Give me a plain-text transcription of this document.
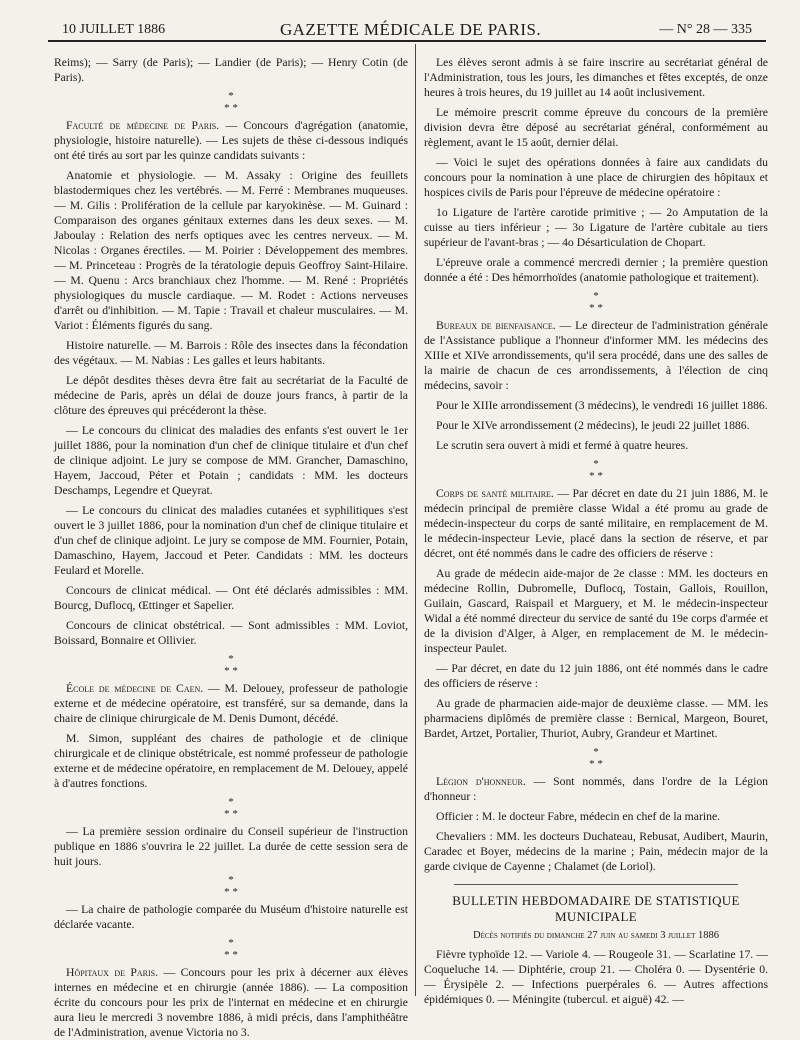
10 JUILLET 1886	GAZETTE MÉDICALE DE PARIS.	— N° 28 — 335

Reims); — Sarry (de Paris); — Landier (de Paris); — Henry Cotin (de Paris).

*
* *

Faculté de médecine de Paris. — Concours d'agrégation (anatomie, physiologie, histoire naturelle). — Les sujets de thèse ci-dessous indiqués ont été tirés au sort par les quinze candidats suivants :

Anatomie et physiologie. — M. Assaky : Origine des feuillets blastodermiques chez les vertébrés. — M. Ferré : Membranes muqueuses. — M. Gilis : Prolifération de la cellule par karyokinèse. — M. Guinard : Comparaison des organes génitaux externes dans les deux sexes. — M. Jaboulay : Relation des nerfs optiques avec les centres nerveux. — M. Nicolas : Organes érectiles. — M. Poirier : Développement des membres. — M. Princeteau : Progrès de la tératologie depuis Geoffroy Saint-Hilaire. — M. Quenu : Arcs branchiaux chez l'homme. — M. René : Propriétés physiologiques du muscle cardiaque. — M. Rodet : Actions nerveuses d'arrêt ou d'inhibition. — M. Tapie : Travail et chaleur musculaires. — M. Variot : Éléments figurés du sang.

Histoire naturelle. — M. Barrois : Rôle des insectes dans la fécondation des végétaux. — M. Nabias : Les galles et leurs habitants.

Le dépôt desdites thèses devra être fait au secrétariat de la Faculté de médecine de Paris, après un délai de douze jours francs, à partir de la clôture des épreuves qui précéderont la thèse.

— Le concours du clinicat des maladies des enfants s'est ouvert le 1er juillet 1886, pour la nomination d'un chef de clinique titulaire et d'un chef de clinique adjoint. Le jury se compose de MM. Grancher, Damaschino, Hayem, Jaccoud, Péter et Potain ; candidats : MM. les docteurs Deschamps, Legendre et Queyrat.

— Le concours du clinicat des maladies cutanées et syphilitiques s'est ouvert le 3 juillet 1886, pour la nomination d'un chef de clinique titulaire et d'un chef de clinique adjoint. Le jury se compose de MM. Fournier, Potain, Damaschino, Hayem, Jaccoud et Peter. Candidats : MM. les docteurs Feulard et Morelle.

Concours de clinicat médical. — Ont été déclarés admissibles : MM. Bourcg, Duflocq, Œttinger et Sapelier.

Concours de clinicat obstétrical. — Sont admissibles : MM. Loviot, Boissard, Bonnaire et Ollivier.

*
* *

École de médecine de Caen. — M. Delouey, professeur de pathologie externe et de médecine opératoire, est transféré, sur sa demande, dans la chaire de clinique chirurgicale de M. Denis Dumont, décédé.

M. Simon, suppléant des chaires de pathologie et de clinique chirurgicale et de clinique obstétricale, est nommé professeur de pathologie externe et de médecine opératoire, en remplacement de M. Delouey, appelé à d'autres fonctions.

*
* *

— La première session ordinaire du Conseil supérieur de l'instruction publique en 1886 s'ouvrira le 22 juillet. La durée de cette session sera de huit jours.

*
* *

— La chaire de pathologie comparée du Muséum d'histoire naturelle est déclarée vacante.

*
* *

Hôpitaux de Paris. — Concours pour les prix à décerner aux élèves internes en médecine et en chirurgie (année 1886). — La composition écrite du concours pour les prix de l'internat en médecine et en chirurgie aura lieu le mercredi 3 novembre 1886, à midi précis, dans l'amphithéâtre de l'Administration, avenue Victoria no 3.

Les élèves seront admis à se faire inscrire au secrétariat général de l'Administration, tous les jours, les dimanches et fêtes exceptés, de onze heures à trois heures, du 19 juillet au 14 août inclusivement.

Le mémoire prescrit comme épreuve du concours de la première division devra être déposé au secrétariat général, conformément au règlement, avant le 15 août, dernier délai.

— Voici le sujet des opérations données à faire aux candidats du concours pour la nomination à une place de chirurgien des hôpitaux et hospices civils de Paris pour l'épreuve de médecine opératoire :

1o Ligature de l'artère carotide primitive ; — 2o Amputation de la cuisse au tiers inférieur ; — 3o Ligature de l'artère cubitale au tiers supérieur de l'avant-bras ; — 4o Désarticulation de Chopart.

L'épreuve orale a commencé mercredi dernier ; la première question donnée a été : Des hémorrhoïdes (anatomie pathologique et traitement).

*
* *

Bureaux de bienfaisance. — Le directeur de l'administration générale de l'Assistance publique a l'honneur d'informer MM. les médecins des XIIIe et XIVe arrondissements, qu'il sera procédé, dans une des salles de la mairie de chacun de ces arrondissements, à l'élection de cinq médecins, savoir :

Pour le XIIIe arrondissement (3 médecins), le vendredi 16 juillet 1886.

Pour le XIVe arrondissement (2 médecins), le jeudi 22 juillet 1886.

Le scrutin sera ouvert à midi et fermé à quatre heures.

*
* *

Corps de santé militaire. — Par décret en date du 21 juin 1886, M. le médecin principal de première classe Widal a été promu au grade de médecin-inspecteur du corps de santé militaire, en remplacement de M. le médecin-inspecteur Levie, placé dans la section de réserve, et par décret, ont été nommés dans le cadre des officiers de réserve :

Au grade de médecin aide-major de 2e classe : MM. les docteurs en médecine Rollin, Dubromelle, Duflocq, Tostain, Gallois, Rouillon, Guilain, Gascard, Raispail et Marguery, et M. le médecin-inspecteur Widal a été nommé directeur du service de santé du 19e corps d'armée et de la division d'Alger, à Alger, en remplacement de M. le médecin-inspecteur Paulet.

— Par décret, en date du 12 juin 1886, ont été nommés dans le cadre des officiers de réserve :

Au grade de pharmacien aide-major de deuxième classe. — MM. les pharmaciens diplômés de première classe : Bernical, Margeon, Bouret, Bardet, Artzet, Portalier, Thuriot, Aubry, Grandeur et Martinet.

*
* *

Légion d'honneur. — Sont nommés, dans l'ordre de la Légion d'honneur :

Officier : M. le docteur Fabre, médecin en chef de la marine.

Chevaliers : MM. les docteurs Duchateau, Rebusat, Audibert, Maurin, Caradec et Boyer, médecins de la marine ; Pain, médecin major de la garde civique de Cayenne ; Chalamet (de Loriol).

BULLETIN HEBDOMADAIRE DE STATISTIQUE MUNICIPALE
Décès notifiés du dimanche 27 juin au samedi 3 juillet 1886

Fièvre typhoïde 12. — Variole 4. — Rougeole 31. — Scarlatine 17. — Coqueluche 14. — Diphtérie, croup 21. — Choléra 0. — Dysentérie 0. — Érysipèle 2. — Infections puerpérales 6. — Autres affections épidémiques 0. — Méningite (tubercul. et aiguë) 42. —
